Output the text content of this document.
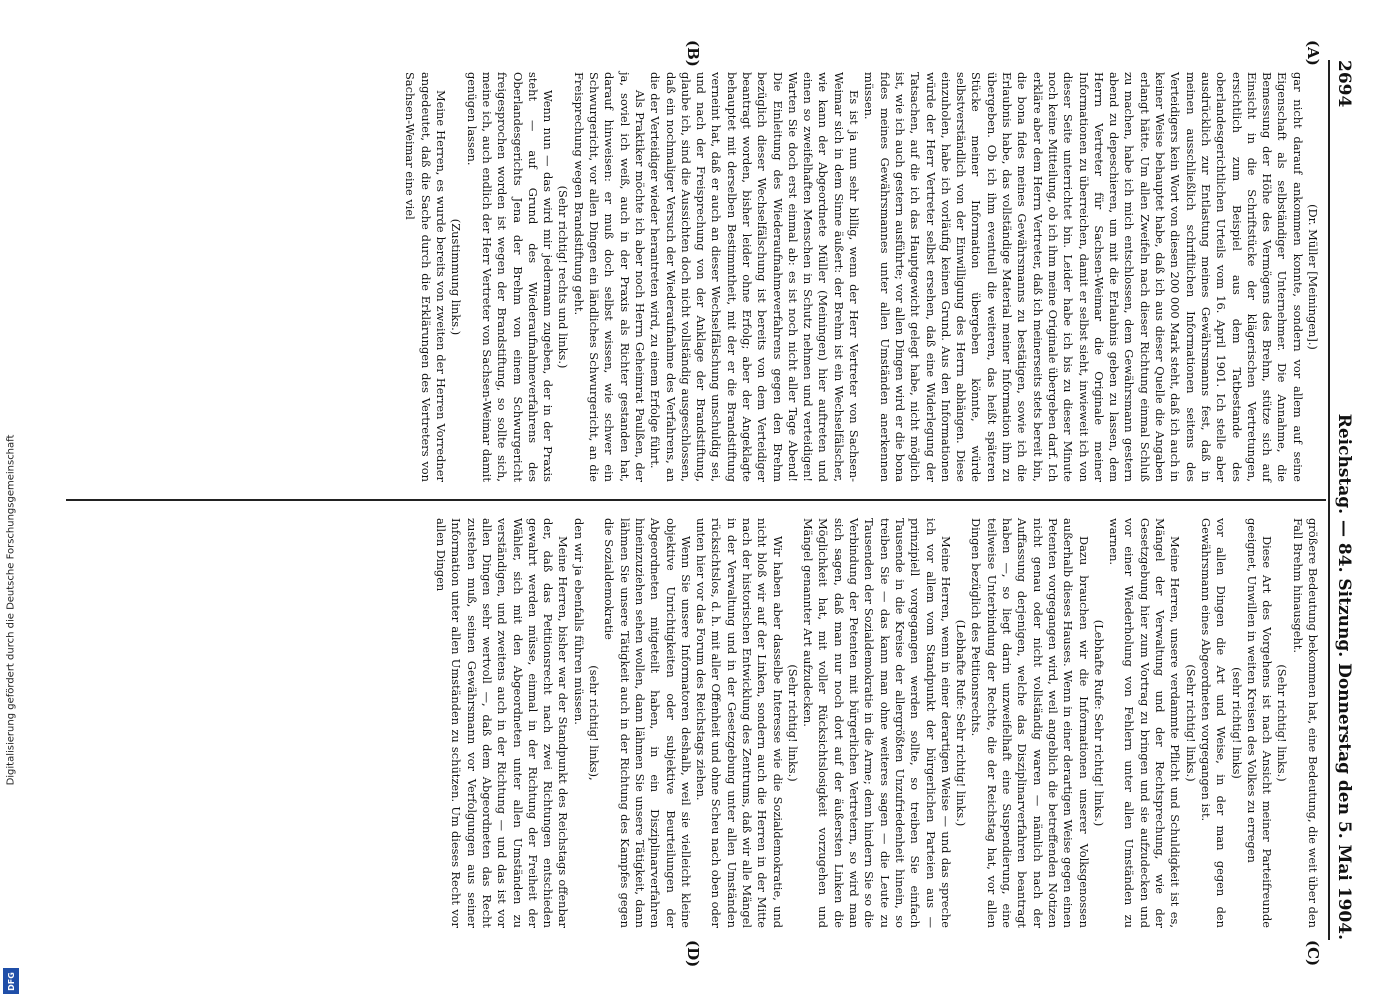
Digitalisierung gefördert durch die Deutsche Forschungsgemeinschaft
DFG
2694
Reichstag. — 84. Sitzung. Donnerstag den 5. Mai 1904.
(A)
(B)
(C)
(D)

(Dr. Müller [Meiningen].)

gar nicht darauf ankommen konnte, sondern vor allem auf seine Eigenschaft als selbständiger Unternehmer. Die Annahme, die Bemessung der Höhe des Vermögens des Brehm, stütze sich auf Einsicht in die Schriftstücke der klägerischen Vertretungen, ersichtlich zum Beispiel aus dem Tatbestande des oberlandesgerichtlichen Urteils vom 16. April 1901. Ich stelle aber ausdrücklich zur Entlastung meines Gewährsmanns fest, daß in meinen ausschließlich schriftlichen Informationen seitens des Verteidigers kein Wort von diesen 200 000 Mark steht, daß ich auch in keiner Weise behauptet habe, daß ich aus dieser Quelle die Angaben erlangt hätte. Um allen Zweifeln nach dieser Richtung einmal Schluß zu machen, habe ich mich entschlossen, dem Gewährsmann gestern abend zu depeschieren, um mit die Erlaubnis geben zu lassen, dem Herrn Vertreter für Sachsen-Weimar die Originale meiner Informationen zu überreichen, damit er selbst sieht, inwieweit ich von dieser Seite unterrichtet bin. Leider habe ich bis zu dieser Minute noch keine Mitteilung, ob ich ihm meine Originale übergeben darf. Ich erkläre aber dem Herrn Vertreter, daß ich meinerseits stets bereit bin, die bona fides meines Gewährsmanns zu bestätigen, sowie ich die Erlaubnis habe, das vollständige Material meiner Information ihm zu übergeben. Ob ich ihm eventuell die weiteren, das heißt späteren Stücke meiner Information übergeben könnte, würde selbstverständlich von der Einwilligung des Herrn abhängen. Diese einzuholen, habe ich vorläufig keinen Grund. Aus den Informationen würde der Herr Vertreter selbst ersehen, daß eine Widerlegung der Tatsachen, auf die ich das Hauptgewicht gelegt habe, nicht möglich ist, wie ich auch gestern ausführte; vor allen Dingen wird er die bona fides meines Gewährsmannes unter allen Umständen anerkennen müssen.

Es ist ja nun sehr billig, wenn der Herr Vertreter von Sachsen-Weimar sich in dem Sinne äußert: der Brehm ist ein Wechselfälscher, wie kann der Abgeordnete Müller (Meiningen) hier auftreten und einen so zweifelhaften Menschen in Schutz nehmen und verteidigen! Warten Sie doch erst einmal ab: es ist noch nicht aller Tage Abend! Die Einleitung des Wiederaufnahmeverfahrens gegen den Brehm bezüglich dieser Wechselfälschung ist bereits von dem Verteidiger beantragt worden, bisher leider ohne Erfolg; aber der Angeklagte behauptet mit derselben Bestimmtheit, mit der er die Brandstiftung verneint hat, daß er auch an dieser Wechselfälschung unschuldig sei, und nach der Freisprechung von der Anklage der Brandstiftung, glaube ich, sind die Aussichten doch nicht vollständig ausgeschlossen, daß ein nochmaliger Versuch der Wiederaufnahme des Verfahrens, an die der Verteidiger wieder herantreten wird, zu einem Erfolge führt.

Als Praktiker möchte ich aber noch Herrn Geheimrat Paulßen, der ja, soviel ich weiß, auch in der Praxis als Richter gestanden hat, darauf hinweisen: er muß doch selbst wissen, wie schwer ein Schwurgericht, vor allen Dingen ein ländliches Schwurgericht, an die Freisprechung wegen Brandstiftung geht.

(Sehr richtig! rechts und links.)

Wenn nun — das wird mir jedermann zugeben, der in der Praxis steht — auf Grund des Wiederaufnahmeverfahrens des Oberlandesgerichts Jena der Brehm von einem Schwurgericht freigesprochen worden ist wegen der Brandstiftung, so sollte sich, meine ich, auch endlich der Herr Vertreter von Sachsen-Weimar damit genügen lassen.

(Zustimmung links.)

Meine Herren, es wurde bereits von zweiten der Herren Vorredner angedeutet, daß die Sache durch die Erklärungen des Vertreters von Sachsen-Weimar eine viel

größere Bedeutung bekommen hat, eine Bedeutung, die weit über den Fall Brehm hinausgeht.

(Sehr richtig! links.)

Diese Art des Vorgehens ist nach Ansicht meiner Parteifreunde geeignet, Unwillen in weiten Kreisen des Volkes zu erregen

(sehr richtig! links)

vor allen Dingen die Art und Weise, in der man gegen den Gewährsmann eines Abgeordneten vorgegangen ist.

(Sehr richtig! links.)

Meine Herren, unsere verdammte Pflicht und Schuldigkeit ist es, Mängel der Verwaltung und der Rechtsprechung, wie der Gesetzgebung hier zum Vortrag zu bringen und sie aufzudecken und vor einer Wiederholung von Fehlern unter allen Umständen zu warnen.

(Lebhafte Rufe: Sehr richtig! links.)

Dazu brauchen wir die Informationen unserer Volksgenossen außerhalb dieses Hauses. Wenn in einer derartigen Weise gegen einen Petenten vorgegangen wird, weil angeblich die betreffenden Notizen nicht genau oder nicht vollständig waren — nämlich nach der Auffassung derjenigen, welche das Disziplinarverfahren beantragt haben —, so liegt darin unzweifelhaft eine Suspendierung, eine teilweise Unterbindung der Rechte, die der Reichstag hat, vor allen Dingen bezüglich des Petitionsrechts.

(Lebhafte Rufe: Sehr richtig! links.)

Meine Herren, wenn in einer derartigen Weise — und das spreche ich vor allem vom Standpunkt der bürgerlichen Parteien aus — prinzipiell vorgegangen werden sollte, so treiben Sie einfach Tausende in die Kreise der allergrößten Unzufriedenheit hinein, so treiben Sie — das kann man ohne weiteres sagen — die Leute zu Tausenden der Sozialdemokratie in die Arme; denn hindern Sie so die Verbindung der Petenten mit bürgerlichen Vertretern, so wird man sich sagen, daß man nur noch dort auf der äußersten Linken die Möglichkeit hat, mit voller Rücksichtslosigkeit vorzugehen und Mängel genannter Art aufzudecken.

(Sehr richtig! links.)

Wir haben aber dasselbe Interesse wie die Sozialdemokratie, und nicht bloß wir auf der Linken, sondern auch die Herren in der Mitte nach der historischen Entwicklung des Zentrums, daß wir alle Mängel in der Verwaltung und in der Gesetzgebung unter allen Umständen rücksichtslos, d. h. mit aller Offenheit und ohne Scheu nach oben oder unten hier vor das Forum des Reichstags ziehen.

Wenn Sie unsere Informatoren deshalb, weil sie vielleicht kleine objektive Unrichtigkeiten oder subjektive Beurteilungen der Abgeordneten mitgeteilt haben, in ein Disziplinarverfahren hineinzuziehen sehen wollen, dann lähmen Sie unsere Tätigkeit, dann lähmen Sie unsere Tätigkeit auch in der Richtung des Kampfes gegen die Sozialdemokratie

(sehr richtig! links),

den wir ja ebenfalls führen müssen.

Meine Herren, bisher war der Standpunkt des Reichstags offenbar der, daß das Petitionsrecht nach zwei Richtungen entschieden gewahrt werden müsse, einmal in der Richtung der Freiheit der Wähler, sich mit den Abgeordneten unter allen Umständen zu verständigen, und zweitens auch in der Richtung — und das ist vor allen Dingen sehr wertvoll —, daß dem Abgeordneten das Recht zustehen muß, seinen Gewährsmann vor Verfolgungen aus seiner Information unter allen Umständen zu schützen. Um dieses Recht vor allen Dingen
